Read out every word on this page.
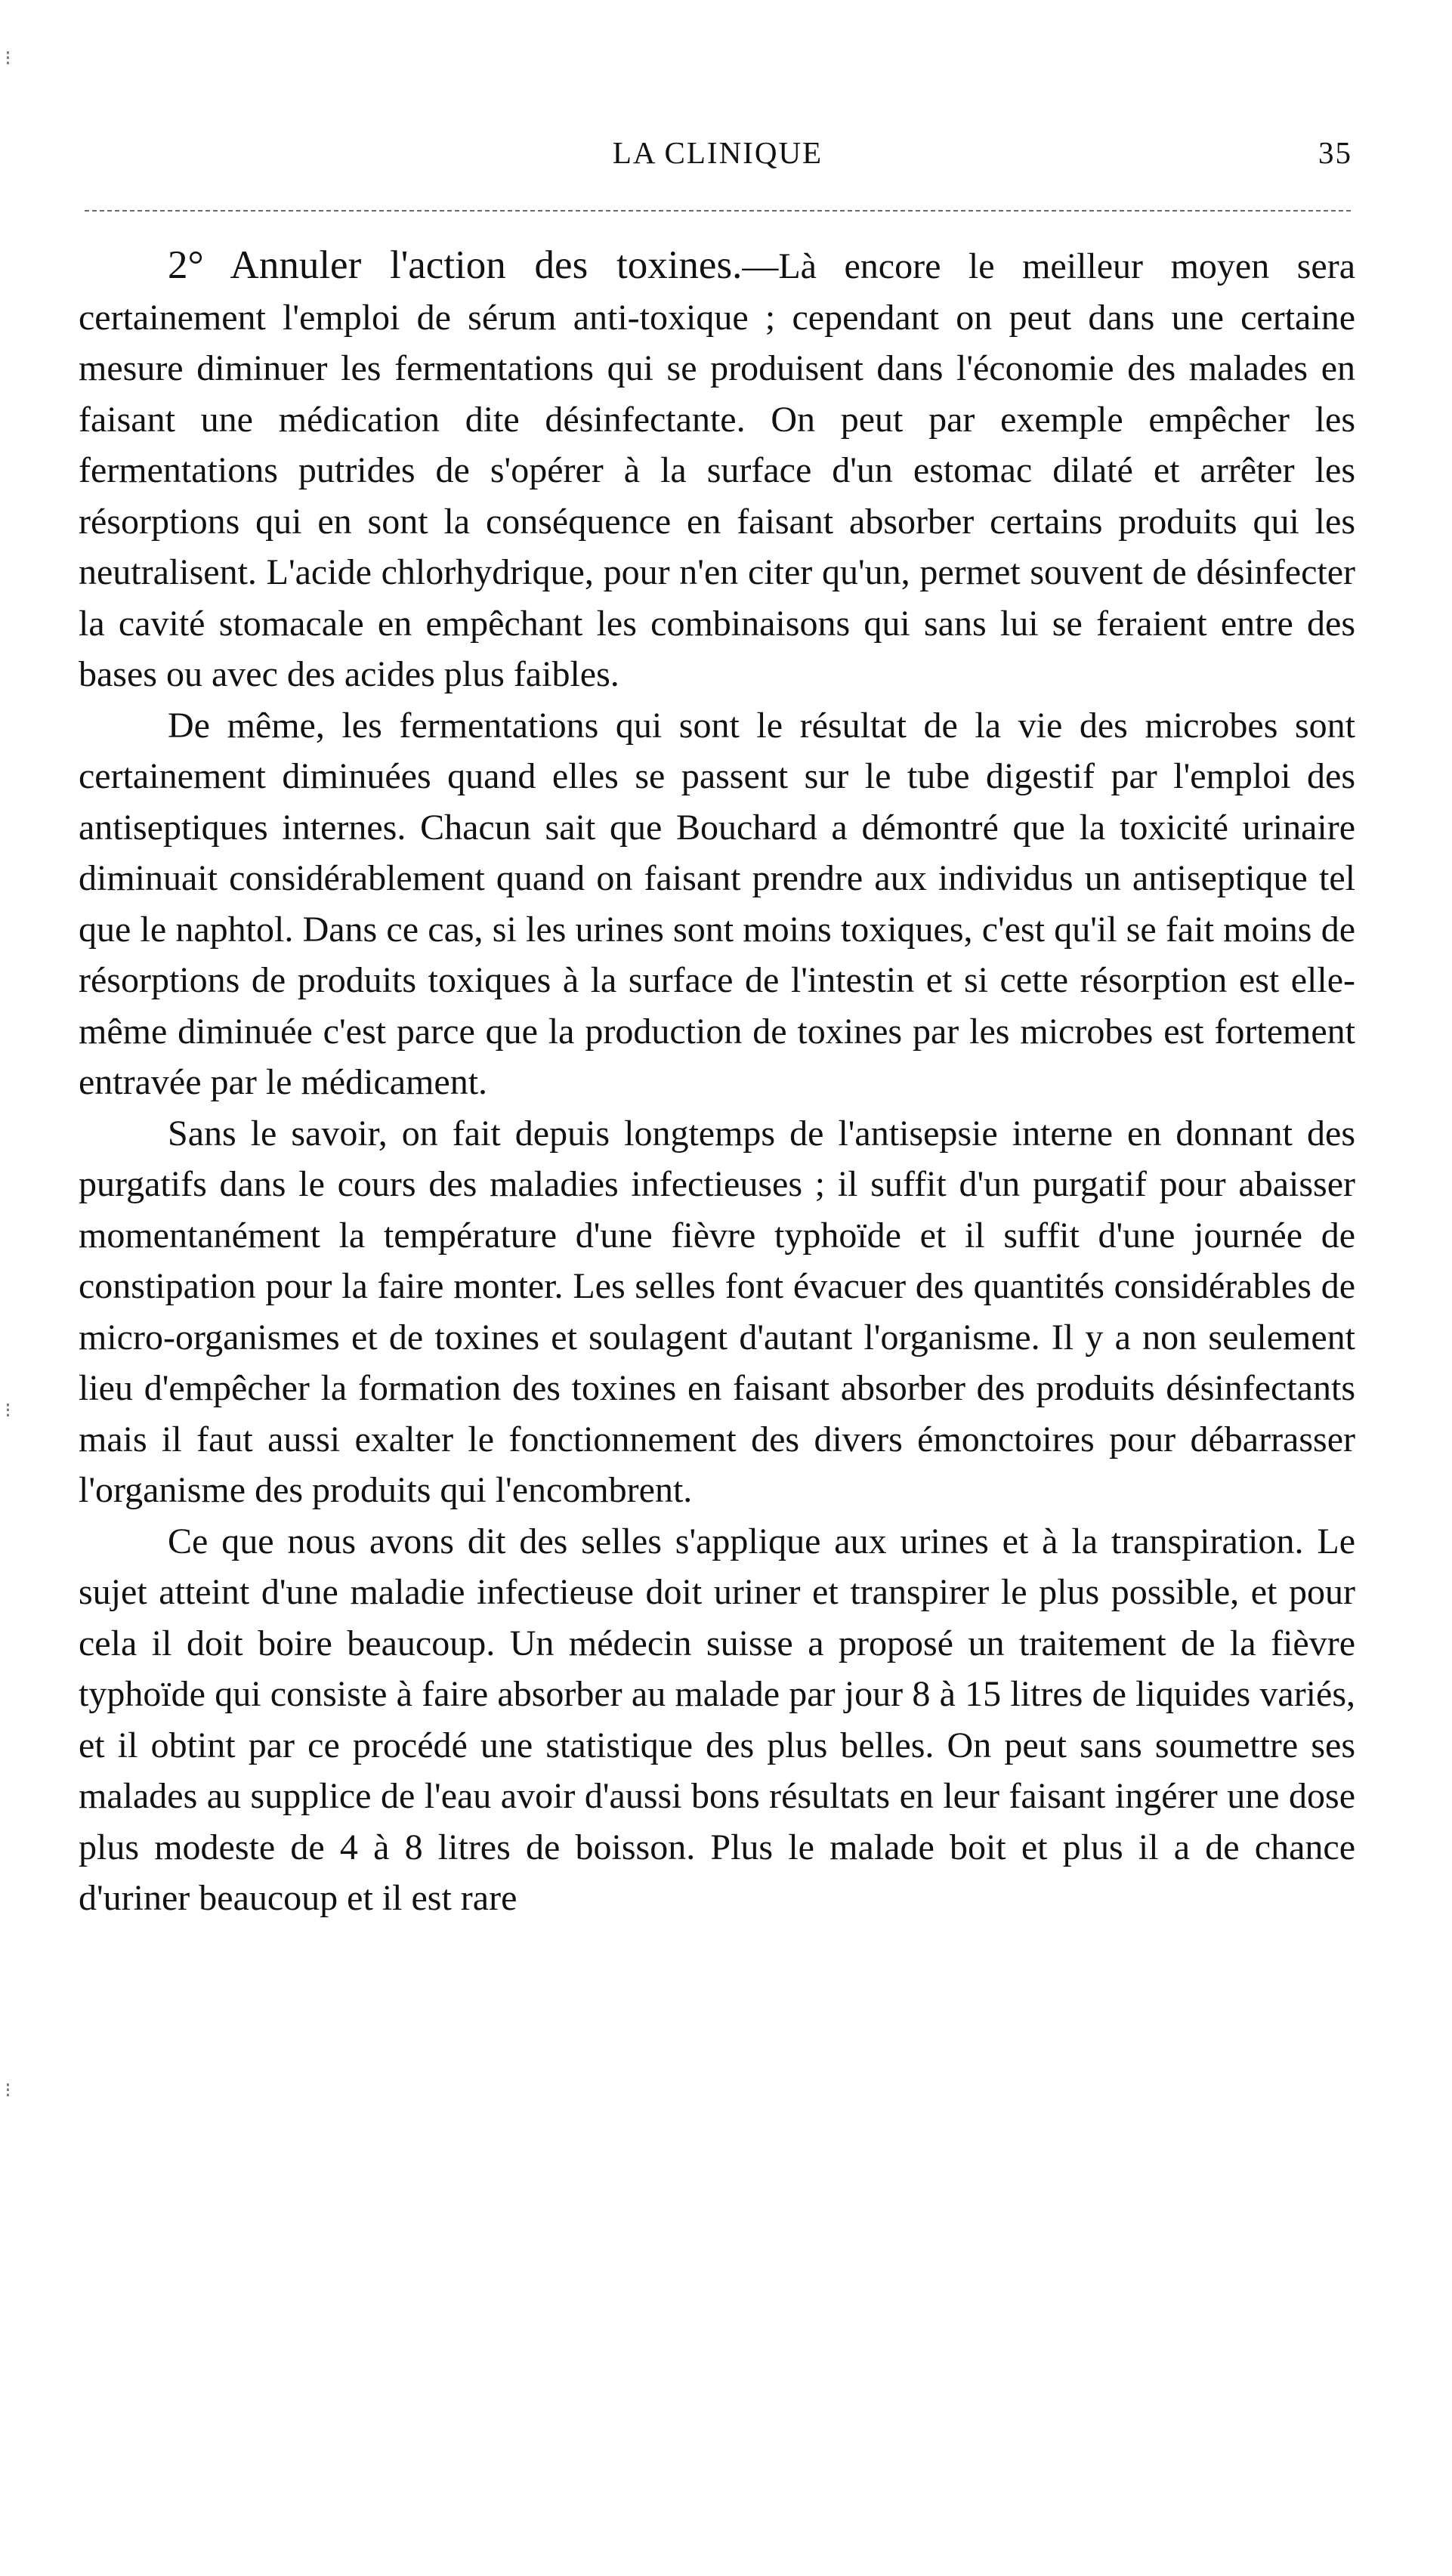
⁝
⁝
⁝
LA CLINIQUE	35

2° Annuler l'action des toxines.—Là encore le meilleur moyen sera certainement l'emploi de sérum anti-toxique ; cependant on peut dans une certaine mesure diminuer les fermentations qui se produisent dans l'économie des malades en faisant une médication dite désinfectante. On peut par exemple empêcher les fermentations putrides de s'opérer à la surface d'un estomac dilaté et arrêter les résorptions qui en sont la conséquence en faisant absorber certains produits qui les neutralisent. L'acide chlorhydrique, pour n'en citer qu'un, permet souvent de désinfecter la cavité stomacale en empêchant les combinaisons qui sans lui se feraient entre des bases ou avec des acides plus faibles.

De même, les fermentations qui sont le résultat de la vie des microbes sont certainement diminuées quand elles se passent sur le tube digestif par l'emploi des antiseptiques internes. Chacun sait que Bouchard a démontré que la toxicité urinaire diminuait considérablement quand on faisant prendre aux individus un antiseptique tel que le naphtol. Dans ce cas, si les urines sont moins toxiques, c'est qu'il se fait moins de résorptions de produits toxiques à la surface de l'intestin et si cette résorption est elle-même diminuée c'est parce que la production de toxines par les microbes est fortement entravée par le médicament.

Sans le savoir, on fait depuis longtemps de l'antisepsie interne en donnant des purgatifs dans le cours des maladies infectieuses ; il suffit d'un purgatif pour abaisser momentanément la température d'une fièvre typhoïde et il suffit d'une journée de constipation pour la faire monter. Les selles font évacuer des quantités considérables de micro-organismes et de toxines et soulagent d'autant l'organisme. Il y a non seulement lieu d'empêcher la formation des toxines en faisant absorber des produits désinfectants mais il faut aussi exalter le fonctionnement des divers émonctoires pour débarrasser l'organisme des produits qui l'encombrent.

Ce que nous avons dit des selles s'applique aux urines et à la transpiration. Le sujet atteint d'une maladie infectieuse doit uriner et transpirer le plus possible, et pour cela il doit boire beaucoup. Un médecin suisse a proposé un traitement de la fièvre typhoïde qui consiste à faire absorber au malade par jour 8 à 15 litres de liquides variés, et il obtint par ce procédé une statistique des plus belles. On peut sans soumettre ses malades au supplice de l'eau avoir d'aussi bons résultats en leur faisant ingérer une dose plus modeste de 4 à 8 litres de boisson. Plus le malade boit et plus il a de chance d'uriner beaucoup et il est rare
